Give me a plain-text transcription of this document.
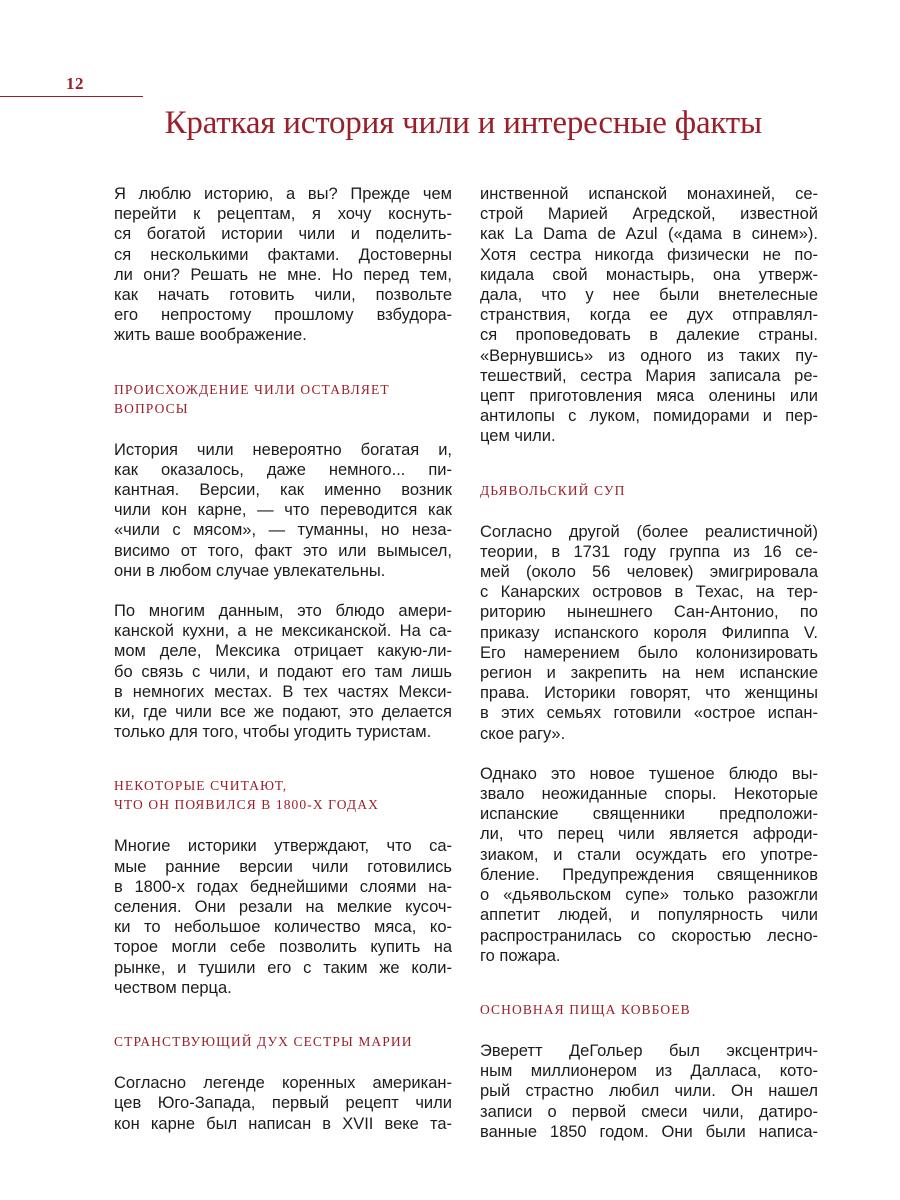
12
Краткая история чили и интересные факты

Я люблю историю, а вы? Прежде чем
перейти к рецептам, я хочу коснуть-
ся богатой истории чили и поделить-
ся несколькими фактами. Достоверны
ли они? Решать не мне. Но перед тем,
как начать готовить чили, позвольте
его непростому прошлому взбудора-
жить ваше воображение.

ПРОИСХОЖДЕНИЕ ЧИЛИ ОСТАВЛЯЕТ
ВОПРОСЫ

История чили невероятно богатая и,
как оказалось, даже немного... пи-
кантная. Версии, как именно возник
чили кон карне, — что переводится как
«чили с мясом», — туманны, но неза-
висимо от того, факт это или вымысел,
они в любом случае увлекательны.

По многим данным, это блюдо амери-
канской кухни, а не мексиканской. На са-
мом деле, Мексика отрицает какую-ли-
бо связь с чили, и подают его там лишь
в немногих местах. В тех частях Мекси-
ки, где чили все же подают, это делается
только для того, чтобы угодить туристам.

НЕКОТОРЫЕ СЧИТАЮТ,
ЧТО ОН ПОЯВИЛСЯ В 1800-Х ГОДАХ

Многие историки утверждают, что са-
мые ранние версии чили готовились
в 1800-х годах беднейшими слоями на-
селения. Они резали на мелкие кусоч-
ки то небольшое количество мяса, ко-
торое могли себе позволить купить на
рынке, и тушили его с таким же коли-
чеством перца.

СТРАНСТВУЮЩИЙ ДУХ СЕСТРЫ МАРИИ

Согласно легенде коренных американ-
цев Юго-Запада, первый рецепт чили
кон карне был написан в XVII веке та-

инственной испанской монахиней, се-
строй Марией Агредской, известной
как La Dama de Azul («дама в синем»).
Хотя сестра никогда физически не по-
кидала свой монастырь, она утверж-
дала, что у нее были внетелесные
странствия, когда ее дух отправлял-
ся проповедовать в далекие страны.
«Вернувшись» из одного из таких пу-
тешествий, сестра Мария записала ре-
цепт приготовления мяса оленины или
антилопы с луком, помидорами и пер-
цем чили.

ДЬЯВОЛЬСКИЙ СУП

Согласно другой (более реалистичной)
теории, в 1731 году группа из 16 се-
мей (около 56 человек) эмигрировала
с Канарских островов в Техас, на тер-
риторию нынешнего Сан-Антонио, по
приказу испанского короля Филиппа V.
Его намерением было колонизировать
регион и закрепить на нем испанские
права. Историки говорят, что женщины
в этих семьях готовили «острое испан-
ское рагу».

Однако это новое тушеное блюдо вы-
звало неожиданные споры. Некоторые
испанские священники предположи-
ли, что перец чили является афроди-
зиаком, и стали осуждать его употре-
бление. Предупреждения священников
о «дьявольском супе» только разожгли
аппетит людей, и популярность чили
распространилась со скоростью лесно-
го пожара.

ОСНОВНАЯ ПИЩА КОВБОЕВ

Эверетт ДеГольер был эксцентрич-
ным миллионером из Далласа, кото-
рый страстно любил чили. Он нашел
записи о первой смеси чили, датиро-
ванные 1850 годом. Они были написа-
